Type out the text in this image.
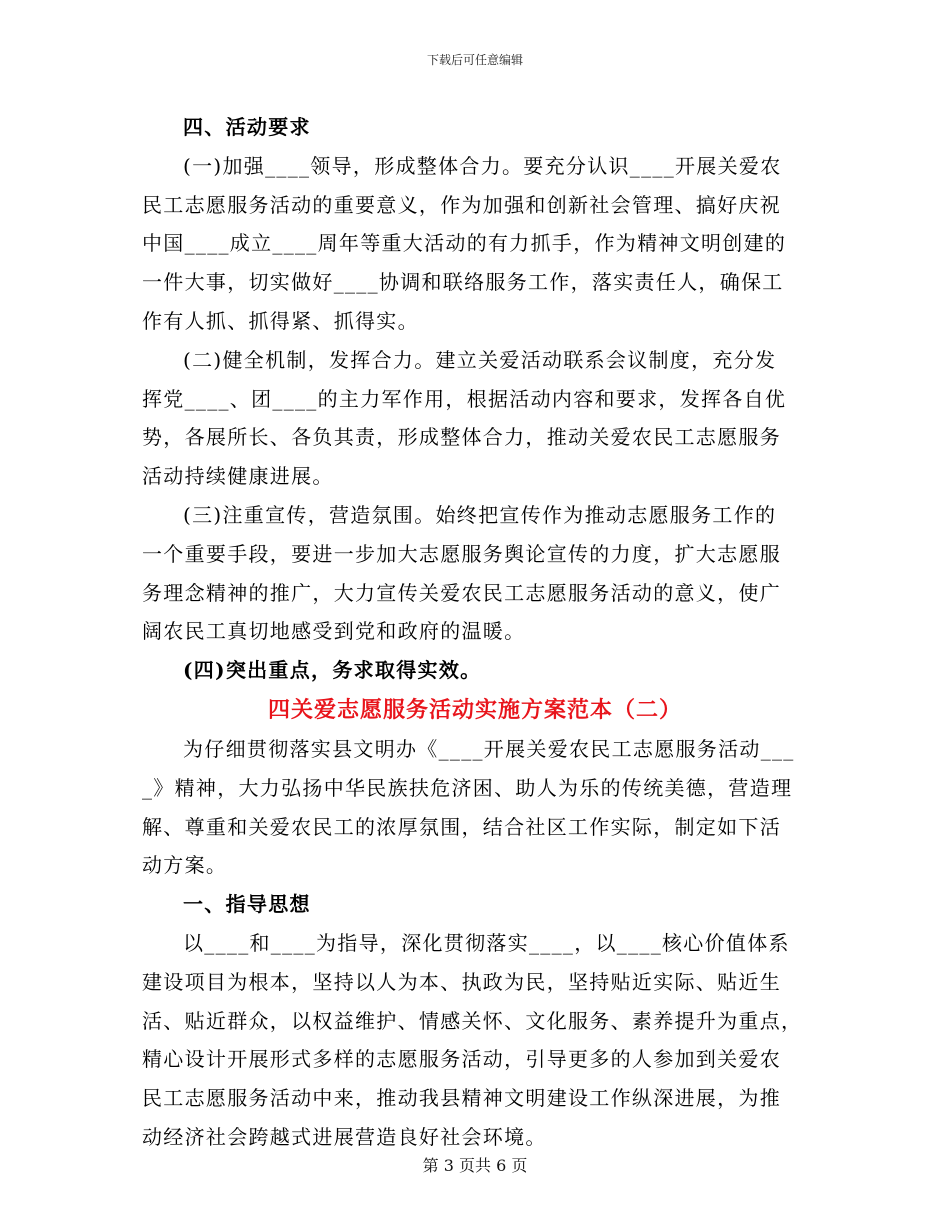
下载后可任意编辑
四、活动要求
(一)加强____领导，形成整体合力。要充分认识____开展关爱农
民工志愿服务活动的重要意义，作为加强和创新社会管理、搞好庆祝
中国____成立____周年等重大活动的有力抓手，作为精神文明创建的
一件大事，切实做好____协调和联络服务工作，落实责任人，确保工
作有人抓、抓得紧、抓得实。
(二)健全机制，发挥合力。建立关爱活动联系会议制度，充分发
挥党____、团____的主力军作用，根据活动内容和要求，发挥各自优
势，各展所长、各负其责，形成整体合力，推动关爱农民工志愿服务
活动持续健康进展。
(三)注重宣传，营造氛围。始终把宣传作为推动志愿服务工作的
一个重要手段，要进一步加大志愿服务舆论宣传的力度，扩大志愿服
务理念精神的推广，大力宣传关爱农民工志愿服务活动的意义，使广
阔农民工真切地感受到党和政府的温暖。
(四)突出重点，务求取得实效。
四关爱志愿服务活动实施方案范本（二）
为仔细贯彻落实县文明办《____开展关爱农民工志愿服务活动___
_》精神，大力弘扬中华民族扶危济困、助人为乐的传统美德，营造理
解、尊重和关爱农民工的浓厚氛围，结合社区工作实际，制定如下活
动方案。
一、指导思想
以____和____为指导，深化贯彻落实____，以____核心价值体系
建设项目为根本，坚持以人为本、执政为民，坚持贴近实际、贴近生
活、贴近群众，以权益维护、情感关怀、文化服务、素养提升为重点，
精心设计开展形式多样的志愿服务活动，引导更多的人参加到关爱农
民工志愿服务活动中来，推动我县精神文明建设工作纵深进展，为推
动经济社会跨越式进展营造良好社会环境。
第 3 页共 6 页
